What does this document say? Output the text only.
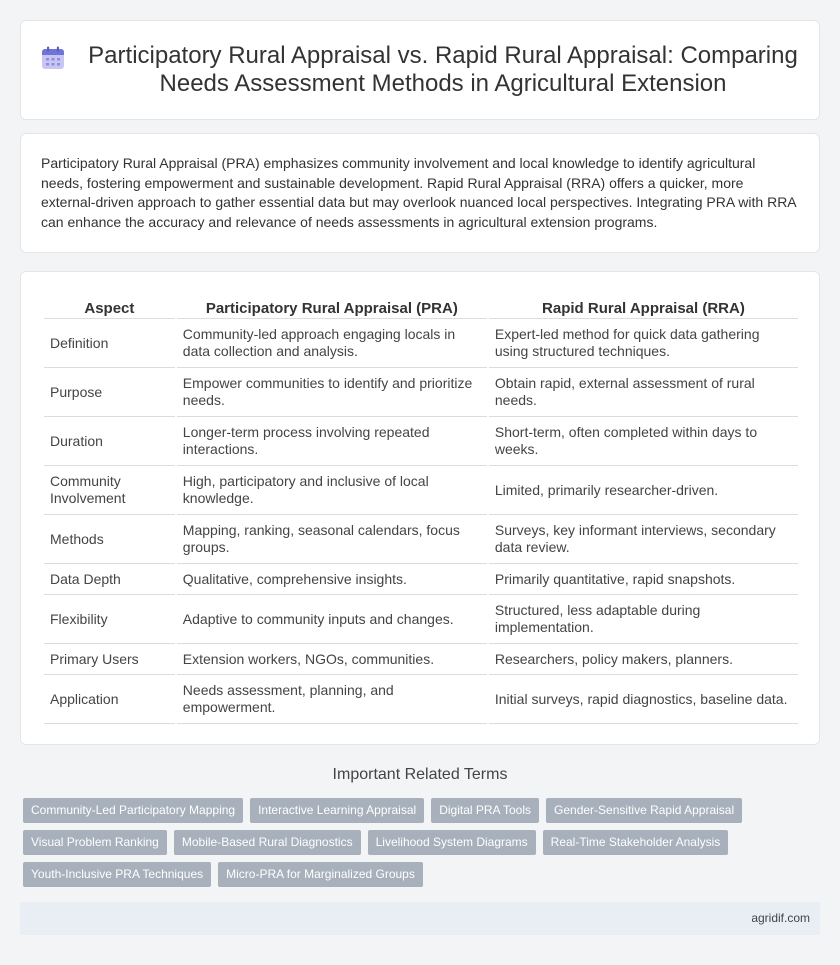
Participatory Rural Appraisal vs. Rapid Rural Appraisal: Comparing Needs Assessment Methods in Agricultural Extension

Participatory Rural Appraisal (PRA) emphasizes community involvement and local knowledge to identify agricultural needs, fostering empowerment and sustainable development. Rapid Rural Appraisal (RRA) offers a quicker, more external-driven approach to gather essential data but may overlook nuanced local perspectives. Integrating PRA with RRA can enhance the accuracy and relevance of needs assessments in agricultural extension programs.

Aspect	Participatory Rural Appraisal (PRA)	Rapid Rural Appraisal (RRA)
Definition	Community-led approach engaging locals in data collection and analysis.	Expert-led method for quick data gathering using structured techniques.
Purpose	Empower communities to identify and prioritize needs.	Obtain rapid, external assessment of rural needs.
Duration	Longer-term process involving repeated interactions.	Short-term, often completed within days to weeks.
Community Involvement	High, participatory and inclusive of local knowledge.	Limited, primarily researcher-driven.
Methods	Mapping, ranking, seasonal calendars, focus groups.	Surveys, key informant interviews, secondary data review.
Data Depth	Qualitative, comprehensive insights.	Primarily quantitative, rapid snapshots.
Flexibility	Adaptive to community inputs and changes.	Structured, less adaptable during implementation.
Primary Users	Extension workers, NGOs, communities.	Researchers, policy makers, planners.
Application	Needs assessment, planning, and empowerment.	Initial surveys, rapid diagnostics, baseline data.
Important Related Terms
Community-Led Participatory Mapping	Interactive Learning Appraisal	Digital PRA Tools	Gender-Sensitive Rapid Appraisal
Visual Problem Ranking	Mobile-Based Rural Diagnostics	Livelihood System Diagrams	Real-Time Stakeholder Analysis
Youth-Inclusive PRA Techniques	Micro-PRA for Marginalized Groups
agridif.com
